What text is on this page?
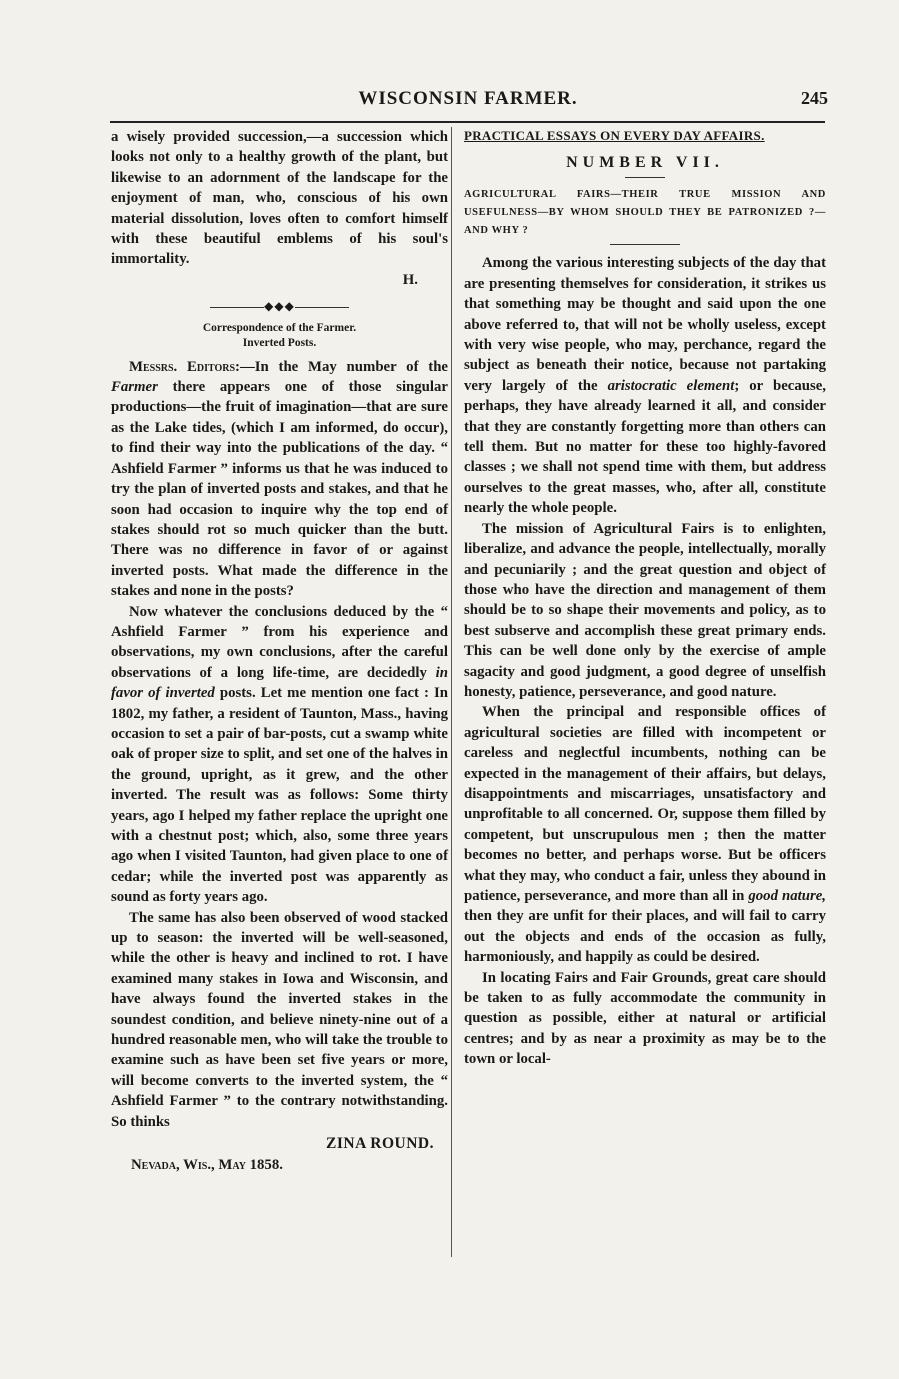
WISCONSIN FARMER.	245

a wisely provided succession,—a succession which looks not only to a healthy growth of the plant, but likewise to an adornment of the landscape for the enjoyment of man, who, conscious of his own material dissolution, loves often to comfort himself with these beautiful emblems of his soul's immortality.

H.

◆◆◆
Correspondence of the Farmer.
Inverted Posts.

Messrs. Editors:—In the May number of the Farmer there appears one of those singular productions—the fruit of imagination—that are sure as the Lake tides, (which I am informed, do occur), to find their way into the publications of the day. “ Ashfield Farmer ” informs us that he was induced to try the plan of inverted posts and stakes, and that he soon had occasion to inquire why the top end of stakes should rot so much quicker than the butt. There was no difference in favor of or against inverted posts. What made the difference in the stakes and none in the posts?

Now whatever the conclusions deduced by the “ Ashfield Farmer ” from his experience and observations, my own conclusions, after the careful observations of a long life-time, are decidedly in favor of inverted posts. Let me mention one fact : In 1802, my father, a resident of Taunton, Mass., having occasion to set a pair of bar-posts, cut a swamp white oak of proper size to split, and set one of the halves in the ground, upright, as it grew, and the other inverted. The result was as follows: Some thirty years, ago I helped my father replace the upright one with a chestnut post; which, also, some three years ago when I visited Taunton, had given place to one of cedar; while the inverted post was apparently as sound as forty years ago.

The same has also been observed of wood stacked up to season: the inverted will be well-seasoned, while the other is heavy and inclined to rot. I have examined many stakes in Iowa and Wisconsin, and have always found the inverted stakes in the soundest condition, and believe ninety-nine out of a hundred reasonable men, who will take the trouble to examine such as have been set five years or more, will become converts to the inverted system, the “ Ashfield Farmer ” to the contrary notwithstanding. So thinks

ZINA ROUND.

Nevada, Wis., May 1858.

PRACTICAL ESSAYS ON EVERY DAY AFFAIRS.
NUMBER VII.
AGRICULTURAL FAIRS—THEIR TRUE MISSION AND USEFULNESS—BY WHOM SHOULD THEY BE PATRONIZED ?—AND WHY ?

Among the various interesting subjects of the day that are presenting themselves for consideration, it strikes us that something may be thought and said upon the one above referred to, that will not be wholly useless, except with very wise people, who may, perchance, regard the subject as beneath their notice, because not partaking very largely of the aristocratic element; or because, perhaps, they have already learned it all, and consider that they are constantly forgetting more than others can tell them. But no matter for these too highly-favored classes ; we shall not spend time with them, but address ourselves to the great masses, who, after all, constitute nearly the whole people.

The mission of Agricultural Fairs is to enlighten, liberalize, and advance the people, intellectually, morally and pecuniarily ; and the great question and object of those who have the direction and management of them should be to so shape their movements and policy, as to best subserve and accomplish these great primary ends. This can be well done only by the exercise of ample sagacity and good judgment, a good degree of unselfish honesty, patience, perseverance, and good nature.

When the principal and responsible offices of agricultural societies are filled with incompetent or careless and neglectful incumbents, nothing can be expected in the management of their affairs, but delays, disappointments and miscarriages, unsatisfactory and unprofitable to all concerned. Or, suppose them filled by competent, but unscrupulous men ; then the matter becomes no better, and perhaps worse. But be officers what they may, who conduct a fair, unless they abound in patience, perseverance, and more than all in good nature, then they are unfit for their places, and will fail to carry out the objects and ends of the occasion as fully, harmoniously, and happily as could be desired.

In locating Fairs and Fair Grounds, great care should be taken to as fully accommodate the community in question as possible, either at natural or artificial centres; and by as near a proximity as may be to the town or local-
